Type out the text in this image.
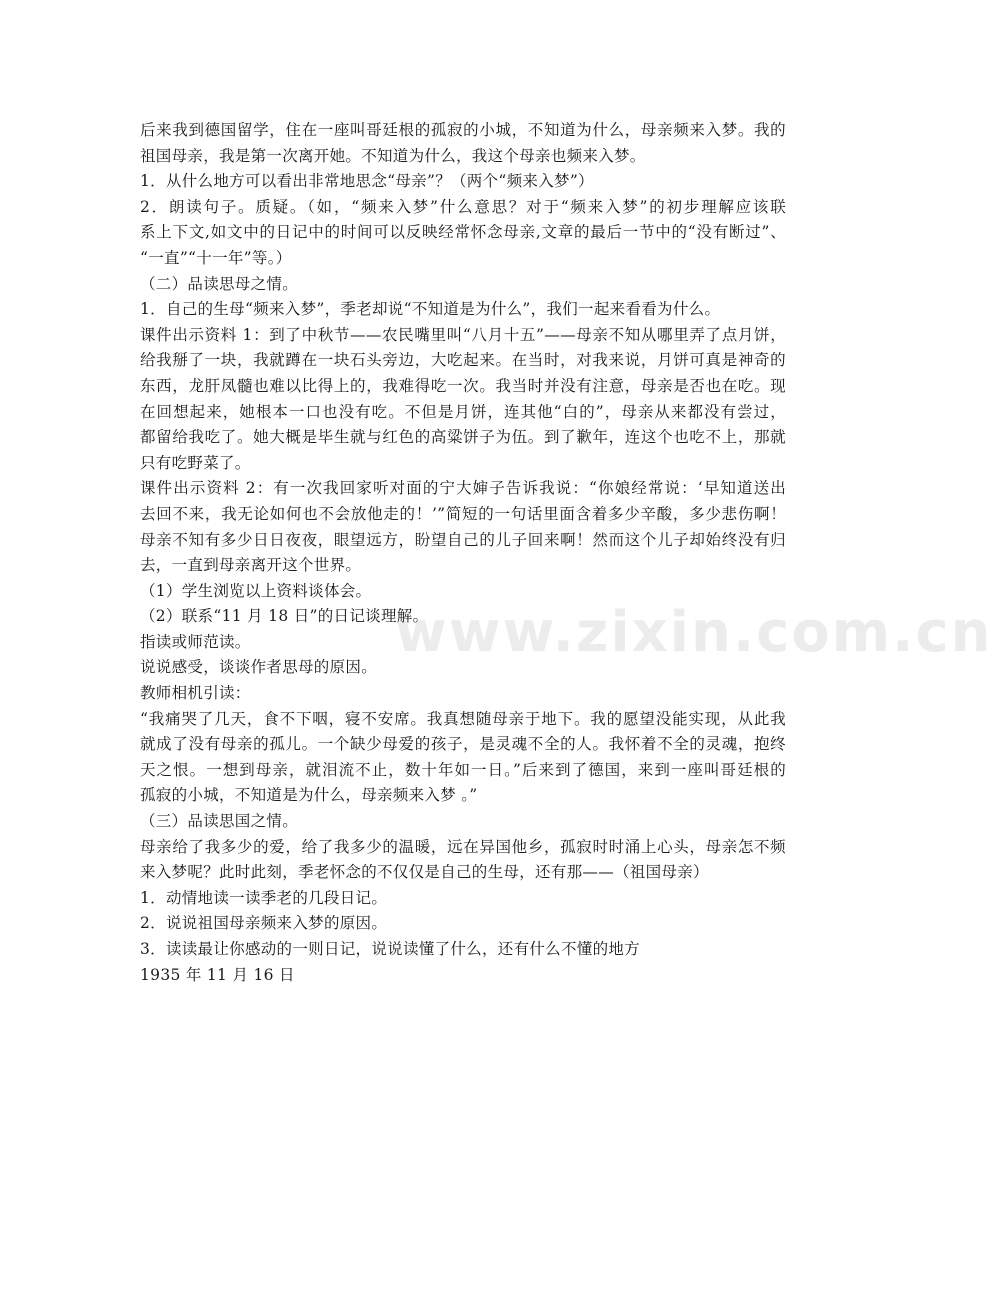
www.zixin.com.cn
后来我到德国留学，住在一座叫哥廷根的孤寂的小城，不知道为什么，母亲频来入梦。我的
祖国母亲，我是第一次离开她。不知道为什么，我这个母亲也频来入梦。
1．从什么地方可以看出非常地思念“母亲”？（两个“频来入梦”）
2．朗读句子。质疑。（如，“频来入梦”什么意思？对于“频来入梦”的初步理解应该联
系上下文,如文中的日记中的时间可以反映经常怀念母亲,文章的最后一节中的“没有断过”、
“一直”“十一年”等。）
（二）品读思母之情。
1．自己的生母“频来入梦”，季老却说“不知道是为什么”，我们一起来看看为什么。
课件出示资料 1：到了中秋节——农民嘴里叫“八月十五”——母亲不知从哪里弄了点月饼，
给我掰了一块，我就蹲在一块石头旁边，大吃起来。在当时，对我来说，月饼可真是神奇的
东西，龙肝凤髓也难以比得上的，我难得吃一次。我当时并没有注意，母亲是否也在吃。现
在回想起来，她根本一口也没有吃。不但是月饼，连其他“白的”，母亲从来都没有尝过，
都留给我吃了。她大概是毕生就与红色的高粱饼子为伍。到了歉年，连这个也吃不上，那就
只有吃野菜了。
课件出示资料 2：有一次我回家听对面的宁大婶子告诉我说：“你娘经常说：‘早知道送出
去回不来，我无论如何也不会放他走的！’”简短的一句话里面含着多少辛酸，多少悲伤啊！
母亲不知有多少日日夜夜，眼望远方，盼望自己的儿子回来啊！然而这个儿子却始终没有归
去，一直到母亲离开这个世界。
（1）学生浏览以上资料谈体会。
（2）联系“11 月 18 日”的日记谈理解。
指读或师范读。
说说感受，谈谈作者思母的原因。
教师相机引读：
“我痛哭了几天，食不下咽，寝不安席。我真想随母亲于地下。我的愿望没能实现，从此我
就成了没有母亲的孤儿。一个缺少母爱的孩子，是灵魂不全的人。我怀着不全的灵魂，抱终
天之恨。一想到母亲，就泪流不止，数十年如一日。”后来到了德国，来到一座叫哥廷根的
孤寂的小城，不知道是为什么，母亲频来入梦 。”
（三）品读思国之情。
母亲给了我多少的爱，给了我多少的温暖，远在异国他乡，孤寂时时涌上心头，母亲怎不频
来入梦呢？此时此刻，季老怀念的不仅仅是自己的生母，还有那——（祖国母亲）
1．动情地读一读季老的几段日记。
2．说说祖国母亲频来入梦的原因。
3．读读最让你感动的一则日记，说说读懂了什么，还有什么不懂的地方
1935 年 11 月 16 日
